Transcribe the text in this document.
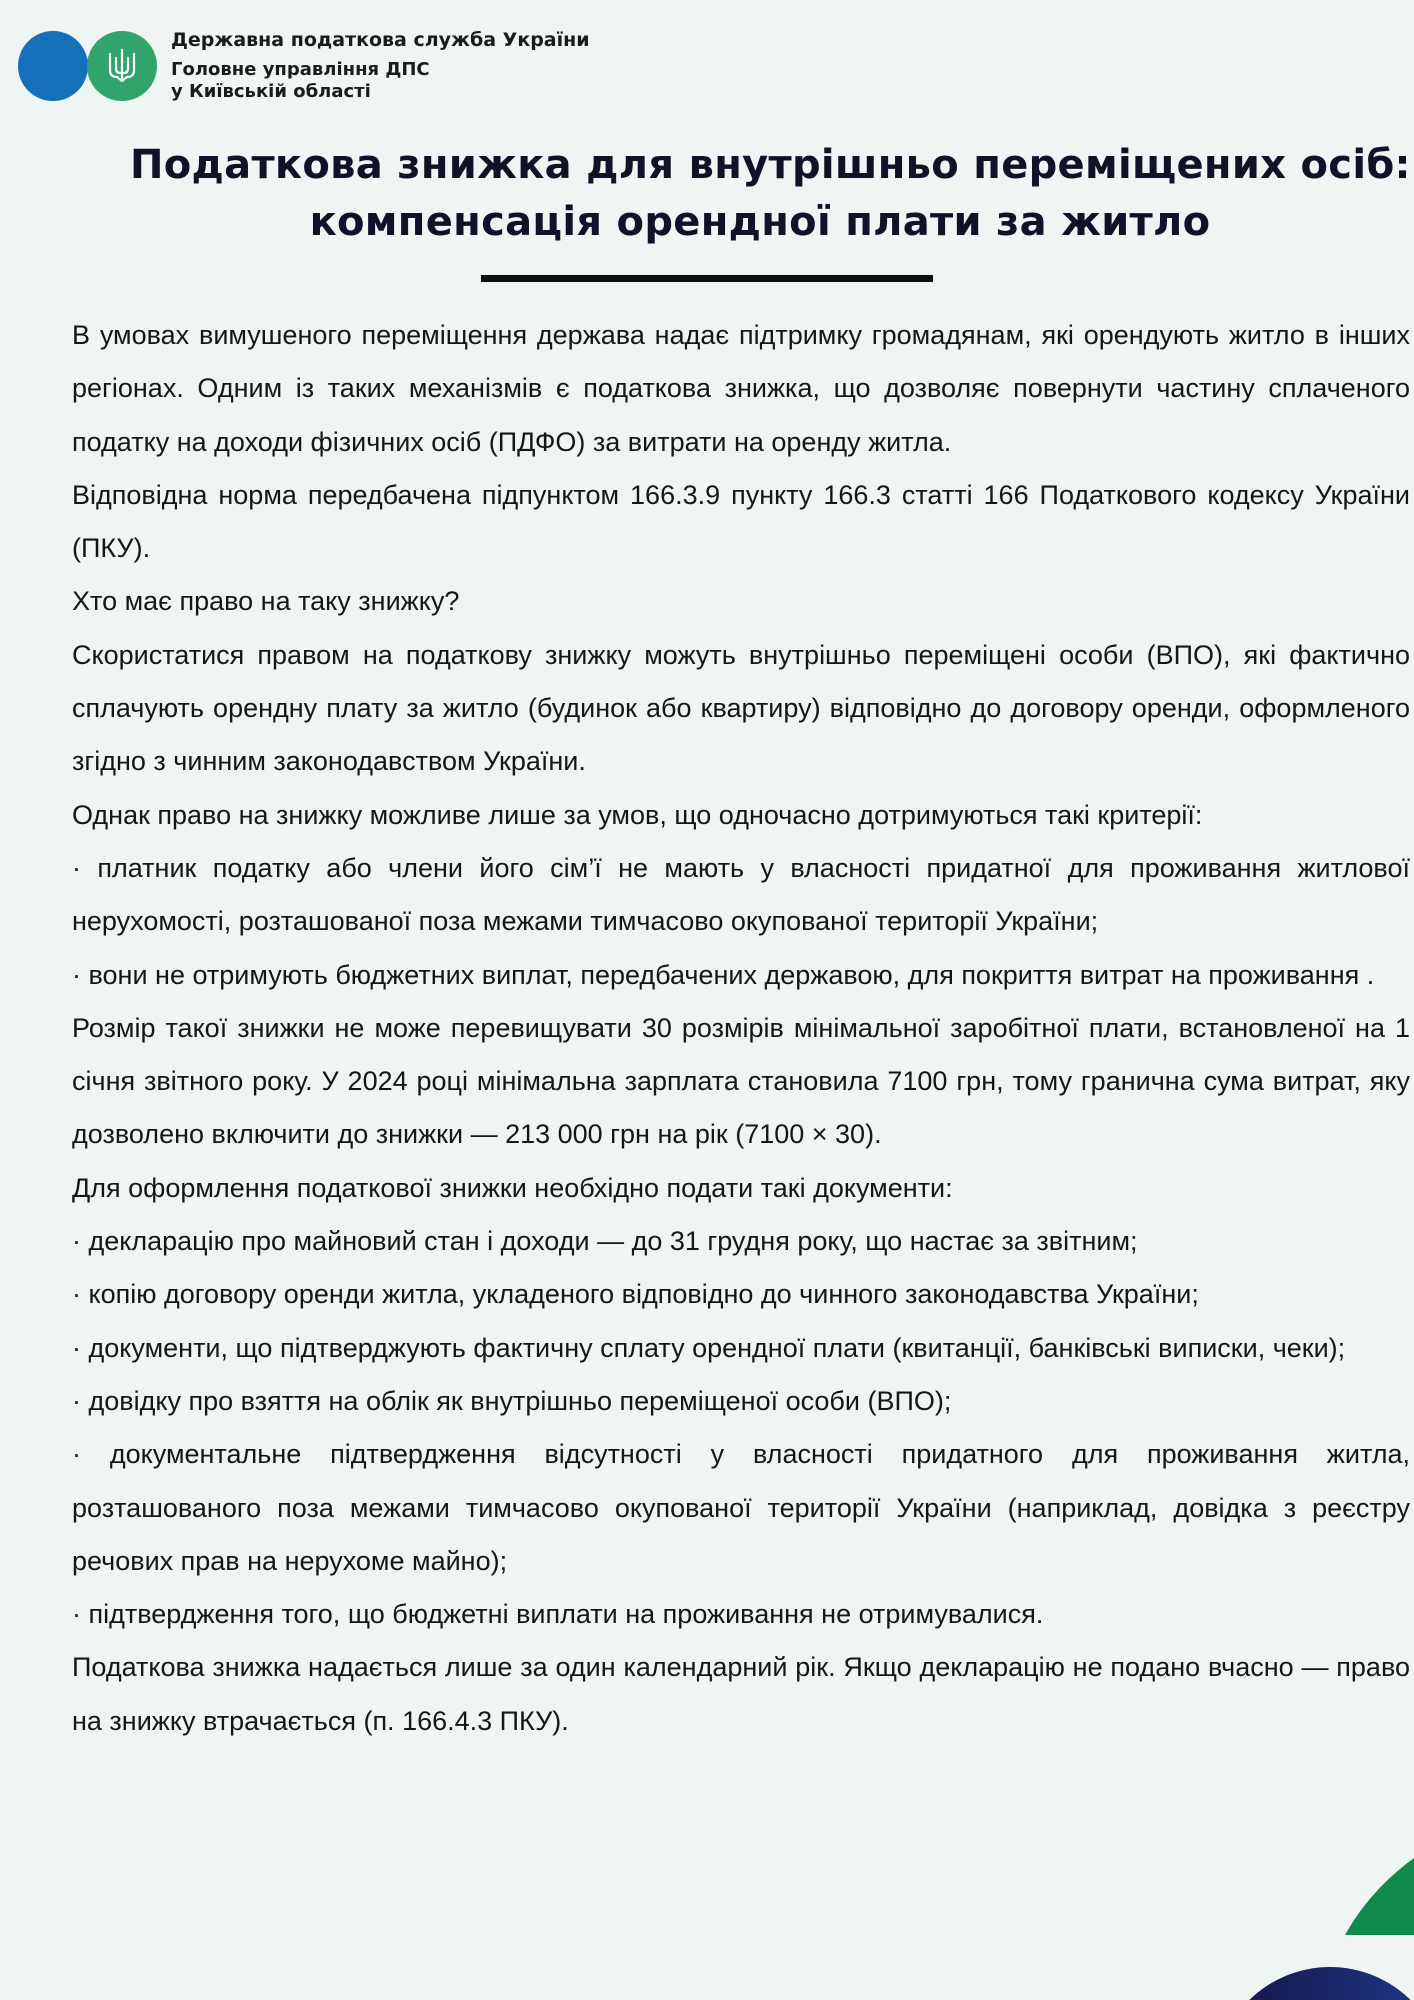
Державна податкова служба України
Головне управління ДПС
у Київській області
Податкова знижка для внутрішньо переміщених осіб:
компенсація орендної плати за житло

В умовах вимушеного переміщення держава надає підтримку громадянам, які орендують житло в інших регіонах. Одним із таких механізмів є податкова знижка, що дозволяє повернути частину сплаченого податку на доходи фізичних осіб (ПДФО) за витрати на оренду житла.

Відповідна норма передбачена підпунктом 166.3.9 пункту 166.3 статті 166 Податкового кодексу України (ПКУ).

Хто має право на таку знижку?

Скористатися правом на податкову знижку можуть внутрішньо переміщені особи (ВПО), які фактично сплачують орендну плату за житло (будинок або квартиру) відповідно до договору оренди, оформленого згідно з чинним законодавством України.

Однак право на знижку можливе лише за умов, що одночасно дотримуються такі критерії:

· платник податку або члени його сім’ї не мають у власності придатної для проживання житлової нерухомості, розташованої поза межами тимчасово окупованої території України;

· вони не отримують бюджетних виплат, передбачених державою, для покриття витрат на проживання .

Розмір такої знижки не може перевищувати 30 розмірів мінімальної заробітної плати, встановленої на 1 січня звітного року. У 2024 році мінімальна зарплата становила 7100 грн, тому гранична сума витрат, яку дозволено включити до знижки — 213 000 грн на рік (7100 × 30).

Для оформлення податкової знижки необхідно подати такі документи:

· декларацію про майновий стан і доходи — до 31 грудня року, що настає за звітним;

· копію договору оренди житла, укладеного відповідно до чинного законодавства України;

· документи, що підтверджують фактичну сплату орендної плати (квитанції, банківські виписки, чеки);

· довідку про взяття на облік як внутрішньо переміщеної особи (ВПО);

· документальне підтвердження відсутності у власності придатного для проживання житла, розташованого поза межами тимчасово окупованої території України (наприклад, довідка з реєстру речових прав на нерухоме майно);

· підтвердження того, що бюджетні виплати на проживання не отримувалися.

Податкова знижка надається лише за один календарний рік. Якщо декларацію не подано вчасно — право на знижку втрачається (п. 166.4.3 ПКУ).
